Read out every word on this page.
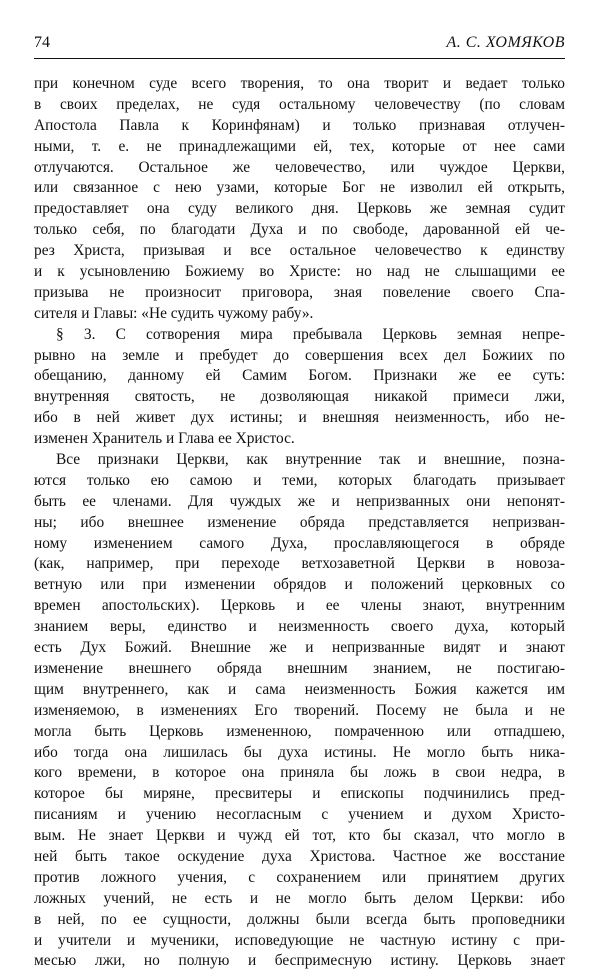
74	А. С. ХОМЯКОВ
при конечном суде всего творения, то она творит и ведает только
в своих пределах, не судя остальному человечеству (по словам
Апостола Павла к Коринфянам) и только признавая отлучен-
ными, т. е. не принадлежащими ей, тех, которые от нее сами
отлучаются. Остальное же человечество, или чуждое Церкви,
или связанное с нею узами, которые Бог не изволил ей открыть,
предоставляет она суду великого дня. Церковь же земная судит
только себя, по благодати Духа и по свободе, дарованной ей че-
рез Христа, призывая и все остальное человечество к единству
и к усыновлению Божиему во Христе: но над не слышащими ее
призыва не произносит приговора, зная повеление своего Спа-
сителя и Главы: «Не судить чужому рабу».
§ 3. С сотворения мира пребывала Церковь земная непре-
рывно на земле и пребудет до совершения всех дел Божиих по
обещанию, данному ей Самим Богом. Признаки же ее суть:
внутренняя святость, не дозволяющая никакой примеси лжи,
ибо в ней живет дух истины; и внешняя неизменность, ибо не-
изменен Хранитель и Глава ее Христос.
Все признаки Церкви, как внутренние так и внешние, позна-
ются только ею самою и теми, которых благодать призывает
быть ее членами. Для чуждых же и непризванных они непонят-
ны; ибо внешнее изменение обряда представляется непризван-
ному изменением самого Духа, прославляющегося в обряде
(как, например, при переходе ветхозаветной Церкви в новозa-
ветную или при изменении обрядов и положений церковных со
времен апостольских). Церковь и ее члены знают, внутренним
знанием веры, единство и неизменность своего духа, который
есть Дух Божий. Внешние же и непризванные видят и знают
изменение внешнего обряда внешним знанием, не постигаю-
щим внутреннего, как и сама неизменность Божия кажется им
изменяемою, в изменениях Его творений. Посему не была и не
могла быть Церковь измененною, помраченною или отпадшею,
ибо тогда она лишилась бы духа истины. Не могло быть ника-
кого времени, в которое она приняла бы ложь в свои недра, в
которое бы миряне, пресвитеры и епископы подчинились пред-
писаниям и учению несогласным с учением и духом Христо-
вым. Не знает Церкви и чужд ей тот, кто бы сказал, что могло в
ней быть такое оскудение духа Христова. Частное же восстание
против ложного учения, с сохранением или принятием других
ложных учений, не есть и не могло быть делом Церкви: ибо
в ней, по ее сущности, должны были всегда быть проповедники
и учители и мученики, исповедующие не частную истину с при-
месью лжи, но полную и беспримесную истину. Церковь знает
